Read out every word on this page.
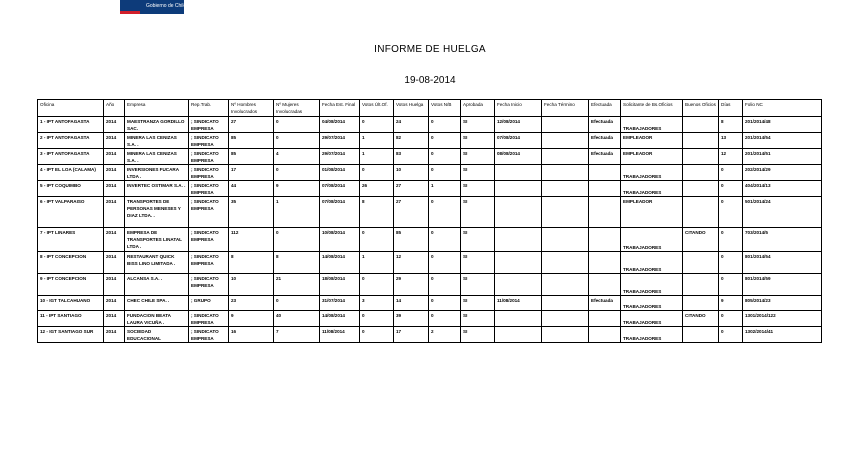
Gobierno de Chile
INFORME DE HUELGA
19-08-2014
Oficina	Año	Empresa	Rep.Trab.	Nº Hombres Involucrados	Nº Mujeres Involucradas	Fecha Est. Final	Votos Últ.Of.	Votos Huelga	Votos N/B	Aprobada	Fecha Inicio	Fecha Término	Efectuada	Solicitante de Bs.Oficios	Buenos Oficios	Días	Folio NC
1 - IPT ANTOFAGASTA	2014	MAESTRANZA GORDILLO SAC.	; SINDICATO EMPRESA	27	0	04/08/2014	0	24	0	SI	12/08/2014		Efectuada	TRABAJADORES		8	201/2014/48
2 - IPT ANTOFAGASTA	2014	MINERA LAS CENIZAS S.A. .	; SINDICATO EMPRESA	85	0	29/07/2014	1	82	0	SI	07/08/2014		Efectuada	EMPLEADOR		13	201/2014/54
3 - IPT ANTOFAGASTA	2014	MINERA LAS CENIZAS S.A. .	; SINDICATO EMPRESA	85	4	29/07/2014	1	83	0	SI	08/08/2014		Efectuada	EMPLEADOR		12	201/2014/51
4 - IPT EL LOA (CALAMA)	2014	INVERSIONES FUCARA LTDA .	; SINDICATO EMPRESA	17	0	01/08/2014	0	10	0	SI				TRABAJADORES		0	202/2014/29
5 - IPT COQUIMBO	2014	INVERTEC OSTIMAR S.A. .	; SINDICATO EMPRESA	44	9	07/08/2014	26	27	1	SI				TRABAJADORES		0	404/2014/13
6 - IPT VALPARAISO	2014	TRANSPORTES DE PERSONAS MENESES Y DIAZ LTDA. .	; SINDICATO EMPRESA	35	1	07/08/2014	8	27	0	SI				EMPLEADOR		0	501/2014/24
7 - IPT LINARES	2014	EMPRESA DE TRANSPORTES LINATAL LTDA .	; SINDICATO EMPRESA	112	0	10/08/2014	0	85	0	SI				TRABAJADORES	CITANDO	0	703/2014/5
8 - IPT CONCEPCION	2014	RESTAURANT QUICK BISS LINO LIMITADA .	; SINDICATO EMPRESA	8	8	14/08/2014	1	12	0	SI				TRABAJADORES		0	801/2014/54
9 - IPT CONCEPCION	2014	ALCANSA S.A. .	; SINDICATO EMPRESA	10	21	18/08/2014	0	29	0	SI				TRABAJADORES		0	801/2014/59
10 - IGT TALCAHUANO	2014	CHEC CHILE SPA. .	; GRUPO	23	0	31/07/2014	3	14	0	SI	11/08/2014		Efectuada	TRABAJADORES		9	805/2014/23
11 - IPT SANTIAGO	2014	FUNDACION BEATA LAURA VICUÑA .	; SINDICATO EMPRESA	9	40	14/08/2014	0	39	0	SI				TRABAJADORES	CITANDO	0	1301/2014/122
12 - IGT SANTIAGO SUR	2014	SOCIEDAD EDUCACIONAL	; SINDICATO EMPRESA	16	7	11/08/2014	0	17	2	SI				TRABAJADORES		0	1302/2014/41
